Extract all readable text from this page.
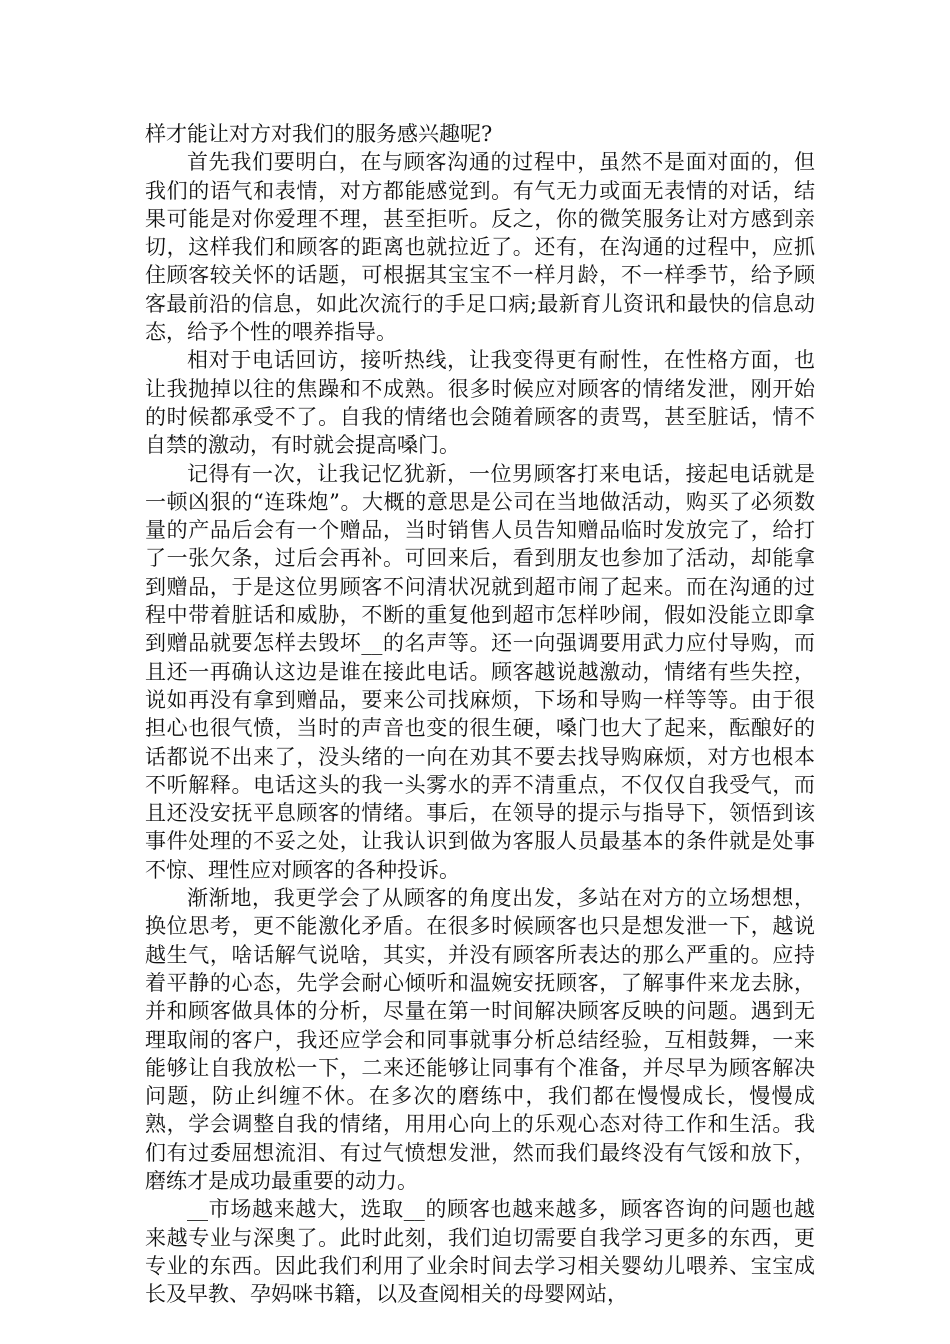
样才能让对方对我们的服务感兴趣呢?

首先我们要明白，在与顾客沟通的过程中，虽然不是面对面的，但我们的语气和表情，对方都能感觉到。有气无力或面无表情的对话，结果可能是对你爱理不理，甚至拒听。反之，你的微笑服务让对方感到亲切，这样我们和顾客的距离也就拉近了。还有，在沟通的过程中，应抓住顾客较关怀的话题，可根据其宝宝不一样月龄，不一样季节，给予顾客最前沿的信息，如此次流行的手足口病;最新育儿资讯和最快的信息动态，给予个性的喂养指导。

相对于电话回访，接听热线，让我变得更有耐性，在性格方面，也让我抛掉以往的焦躁和不成熟。很多时候应对顾客的情绪发泄，刚开始的时候都承受不了。自我的情绪也会随着顾客的责骂，甚至脏话，情不自禁的激动，有时就会提高嗓门。

记得有一次，让我记忆犹新，一位男顾客打来电话，接起电话就是一顿凶狠的“连珠炮”。大概的意思是公司在当地做活动，购买了必须数量的产品后会有一个赠品，当时销售人员告知赠品临时发放完了，给打了一张欠条，过后会再补。可回来后，看到朋友也参加了活动，却能拿到赠品，于是这位男顾客不问清状况就到超市闹了起来。而在沟通的过程中带着脏话和威胁，不断的重复他到超市怎样吵闹，假如没能立即拿到赠品就要怎样去毁坏__的名声等。还一向强调要用武力应付导购，而且还一再确认这边是谁在接此电话。顾客越说越激动，情绪有些失控，说如再没有拿到赠品，要来公司找麻烦，下场和导购一样等等。由于很担心也很气愤，当时的声音也变的很生硬，嗓门也大了起来，酝酿好的话都说不出来了，没头绪的一向在劝其不要去找导购麻烦，对方也根本不听解释。电话这头的我一头雾水的弄不清重点，不仅仅自我受气，而且还没安抚平息顾客的情绪。事后，在领导的提示与指导下，领悟到该事件处理的不妥之处，让我认识到做为客服人员最基本的条件就是处事不惊、理性应对顾客的各种投诉。

渐渐地，我更学会了从顾客的角度出发，多站在对方的立场想想，换位思考，更不能激化矛盾。在很多时候顾客也只是想发泄一下，越说越生气，啥话解气说啥，其实，并没有顾客所表达的那么严重的。应持着平静的心态，先学会耐心倾听和温婉安抚顾客，了解事件来龙去脉，并和顾客做具体的分析，尽量在第一时间解决顾客反映的问题。遇到无理取闹的客户，我还应学会和同事就事分析总结经验，互相鼓舞，一来能够让自我放松一下，二来还能够让同事有个准备，并尽早为顾客解决问题，防止纠缠不休。在多次的磨练中，我们都在慢慢成长，慢慢成熟，学会调整自我的情绪，用用心向上的乐观心态对待工作和生活。我们有过委屈想流泪、有过气愤想发泄，然而我们最终没有气馁和放下，磨练才是成功最重要的动力。

__市场越来越大，选取__的顾客也越来越多，顾客咨询的问题也越来越专业与深奥了。此时此刻，我们迫切需要自我学习更多的东西，更专业的东西。因此我们利用了业余时间去学习相关婴幼儿喂养、宝宝成长及早教、孕妈咪书籍，以及查阅相关的母婴网站，
